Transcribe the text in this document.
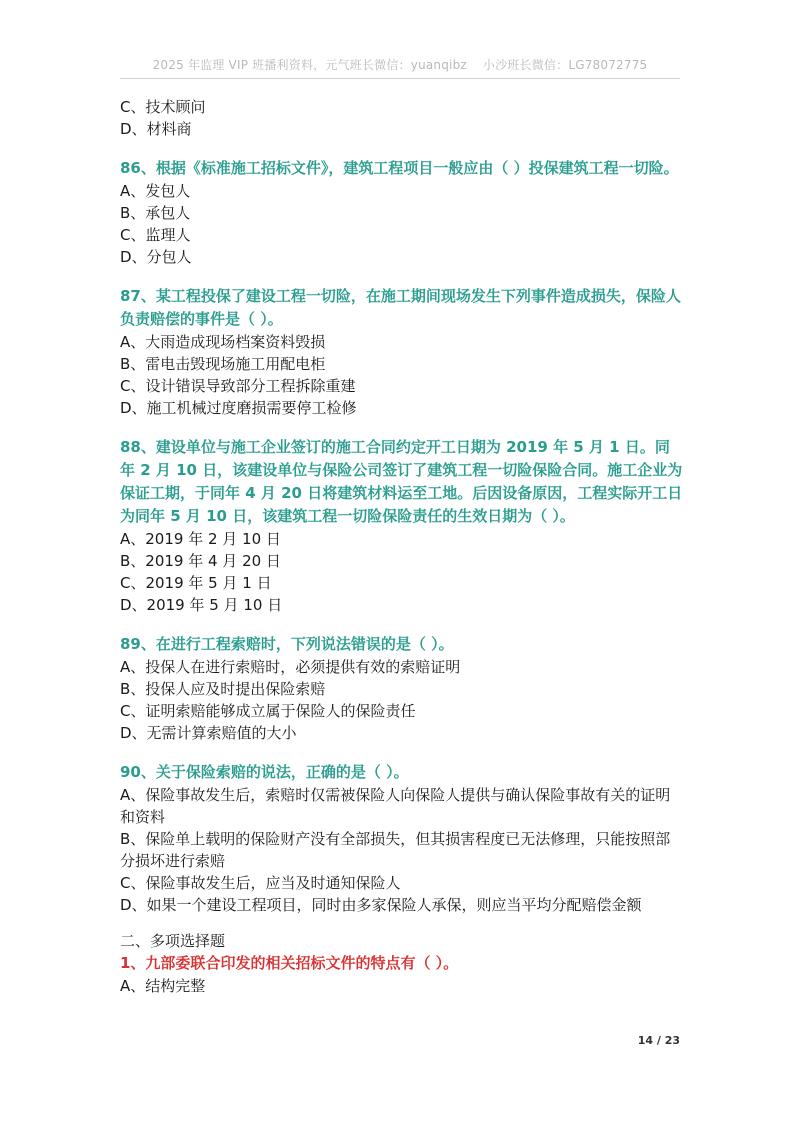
2025 年监理 VIP 班播利资料，元气班长微信：yuanqibz 小沙班长微信：LG78072775
C、技术顾问
D、材料商
86、根据《标准施工招标文件》，建筑工程项目一般应由（ ）投保建筑工程一切险。
A、发包人
B、承包人
C、监理人
D、分包人
87、某工程投保了建设工程一切险，在施工期间现场发生下列事件造成损失，保险人负责赔偿的事件是（ ）。
A、大雨造成现场档案资料毁损
B、雷电击毁现场施工用配电柜
C、设计错误导致部分工程拆除重建
D、施工机械过度磨损需要停工检修
88、建设单位与施工企业签订的施工合同约定开工日期为 2019 年 5 月 1 日。同年 2 月 10 日，该建设单位与保险公司签订了建筑工程一切险保险合同。施工企业为保证工期，于同年 4 月 20 日将建筑材料运至工地。后因设备原因，工程实际开工日为同年 5 月 10 日，该建筑工程一切险保险责任的生效日期为（ ）。
A、2019 年 2 月 10 日
B、2019 年 4 月 20 日
C、2019 年 5 月 1 日
D、2019 年 5 月 10 日
89、在进行工程索赔时，下列说法错误的是（ ）。
A、投保人在进行索赔时，必须提供有效的索赔证明
B、投保人应及时提出保险索赔
C、证明索赔能够成立属于保险人的保险责任
D、无需计算索赔值的大小
90、关于保险索赔的说法，正确的是（ ）。
A、保险事故发生后，索赔时仅需被保险人向保险人提供与确认保险事故有关的证明和资料
B、保险单上载明的保险财产没有全部损失，但其损害程度已无法修理，只能按照部分损坏进行索赔
C、保险事故发生后，应当及时通知保险人
D、如果一个建设工程项目，同时由多家保险人承保，则应当平均分配赔偿金额
二、多项选择题
1、九部委联合印发的相关招标文件的特点有（ ）。
A、结构完整
14 / 23
